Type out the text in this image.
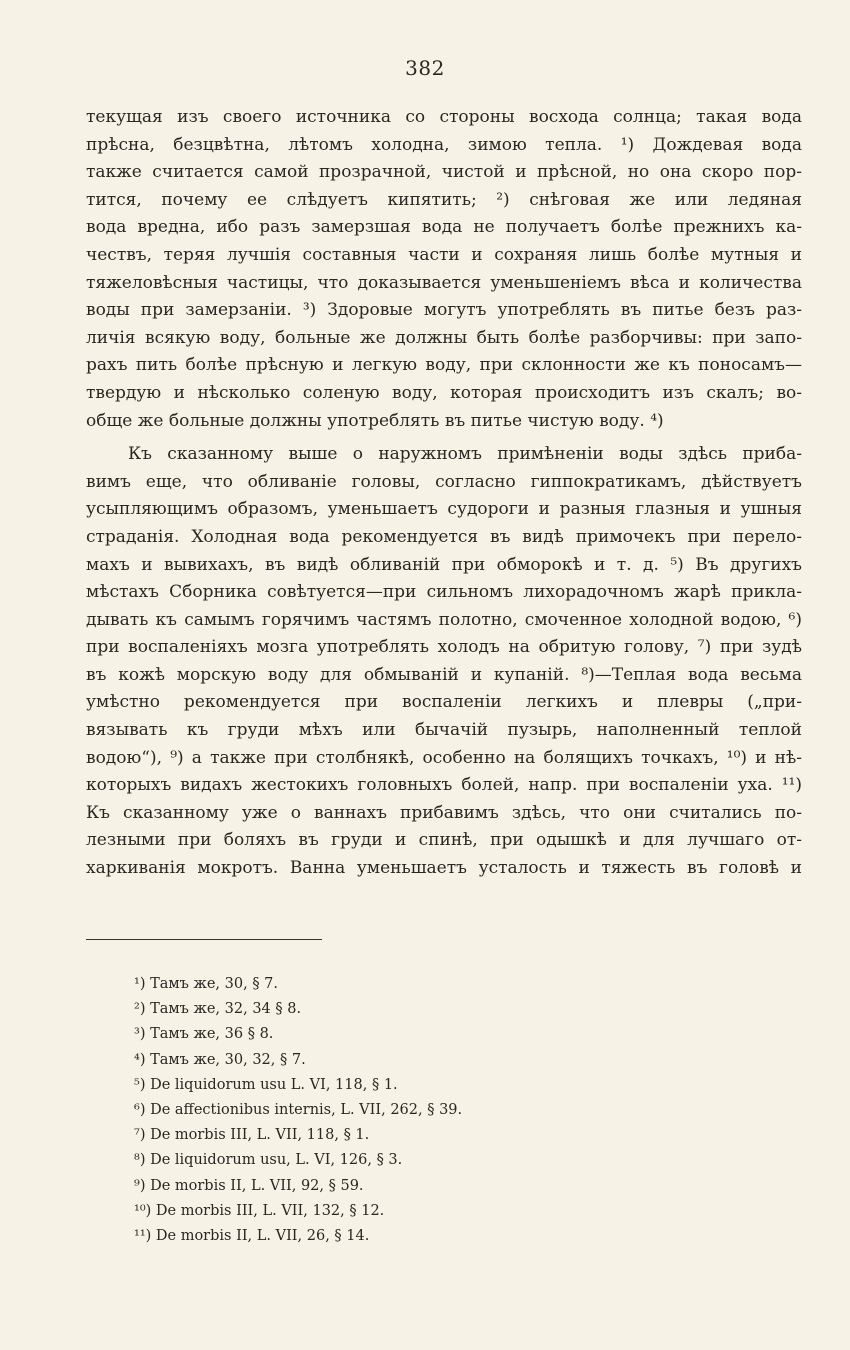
382

текущая изъ своего источника со стороны восхода солнца; такая вода
прѣсна, безцвѣтна, лѣтомъ холодна, зимою тепла. ¹) Дождевая вода
также считается самой прозрачной, чистой и прѣсной, но она скоро пор-
тится, почему ее слѣдуетъ кипятить; ²) снѣговая же или ледяная
вода вредна, ибо разъ замерзшая вода не получаетъ болѣе прежнихъ ка-
чествъ, теряя лучшія составныя части и сохраняя лишь болѣе мутныя и
тяжеловѣсныя частицы, что доказывается уменьшеніемъ вѣса и количества
воды при замерзаніи. ³) Здоровые могутъ употреблять въ питье безъ раз-
личія всякую воду, больные же должны быть болѣе разборчивы: при запо-
рахъ пить болѣе прѣсную и легкую воду, при склонности же къ поносамъ—
твердую и нѣсколько соленую воду, которая происходитъ изъ скалъ; во-
обще же больные должны употреблять въ питье чистую воду. ⁴)

Къ сказанному выше о наружномъ примѣненіи воды здѣсь приба-
вимъ еще, что обливаніе головы, согласно гиппократикамъ, дѣйствуетъ
усыпляющимъ образомъ, уменьшаетъ судороги и разныя глазныя и ушныя
страданія. Холодная вода рекомендуется въ видѣ примочекъ при перело-
махъ и вывихахъ, въ видѣ обливаній при обморокѣ и т. д. ⁵) Въ другихъ
мѣстахъ Сборника совѣтуется—при сильномъ лихорадочномъ жарѣ прикла-
дывать къ самымъ горячимъ частямъ полотно, смоченное холодной водою, ⁶)
при воспаленіяхъ мозга употреблять холодъ на обритую голову, ⁷) при зудѣ
въ кожѣ морскую воду для обмываній и купаній. ⁸)—Теплая вода весьма
умѣстно рекомендуется при воспаленіи легкихъ и плевры („при-
вязывать къ груди мѣхъ или бычачій пузырь, наполненный теплой
водою“), ⁹) а также при столбнякѣ, особенно на болящихъ точкахъ, ¹⁰) и нѣ-
которыхъ видахъ жестокихъ головныхъ болей, напр. при воспаленіи уха. ¹¹)
Къ сказанному уже о ваннахъ прибавимъ здѣсь, что они считались по-
лезными при боляхъ въ груди и спинѣ, при одышкѣ и для лучшаго от-
харкиванія мокротъ. Ванна уменьшаетъ усталость и тяжесть въ головѣ и

¹) Тамъ же, 30, § 7.
²) Тамъ же, 32, 34 § 8.
³) Тамъ же, 36 § 8.
⁴) Тамъ же, 30, 32, § 7.
⁵) De liquidorum usu L. VI, 118, § 1.
⁶) De affectionibus internis, L. VII, 262, § 39.
⁷) De morbis III, L. VII, 118, § 1.
⁸) De liquidorum usu, L. VI, 126, § 3.
⁹) De morbis II, L. VII, 92, § 59.
¹⁰) De morbis III, L. VII, 132, § 12.
¹¹) De morbis II, L. VII, 26, § 14.
